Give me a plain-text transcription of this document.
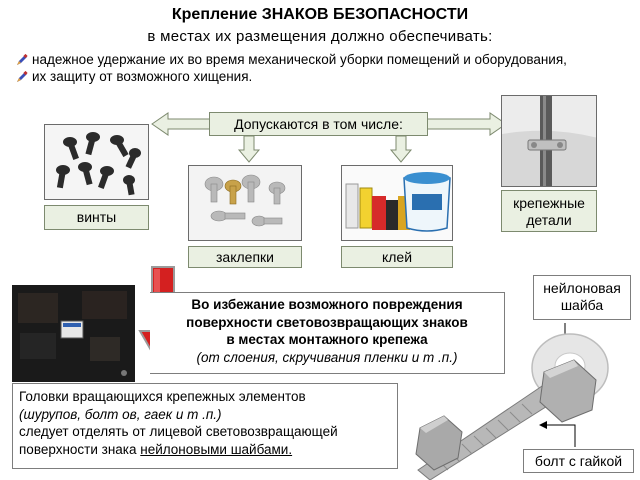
Крепление ЗНАКОВ БЕЗОПАСНОСТИ
в местах их размещения должно обеспечивать:
надежное удержание их во время механической уборки помещений и оборудования,
их защиту от возможного хищения.
Допускаются в том числе:
винты
заклепки	клей
крепежные детали
Во избежание возможного повреждения
поверхности световозвращающих знаков
в местах монтажного крепежа
(от слоения, скручивания пленки и т .п.)
Головки вращающихся крепежных элементов
(шурупов, болт ов, гаек и т .п.)
следует отделять от лицевой световозвращающей
поверхности знака нейлоновыми шайбами.
нейлоновая шайба
болт с гайкой
